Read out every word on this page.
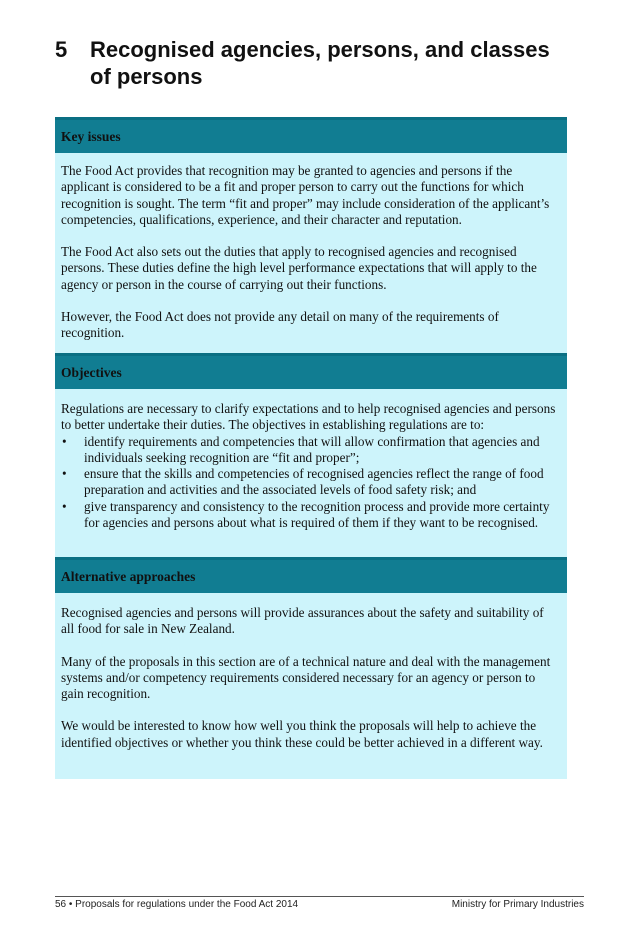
5 Recognised agencies, persons, and classes of persons
Key issues

The Food Act provides that recognition may be granted to agencies and persons if the applicant is considered to be a fit and proper person to carry out the functions for which recognition is sought. The term “fit and proper” may include consideration of the applicant’s competencies, qualifications, experience, and their character and reputation.

The Food Act also sets out the duties that apply to recognised agencies and recognised persons. These duties define the high level performance expectations that will apply to the agency or person in the course of carrying out their functions.

However, the Food Act does not provide any detail on many of the requirements of recognition.

Objectives

Regulations are necessary to clarify expectations and to help recognised agencies and persons to better undertake their duties. The objectives in establishing regulations are to:

• identify requirements and competencies that will allow confirmation that agencies and individuals seeking recognition are “fit and proper”;
• ensure that the skills and competencies of recognised agencies reflect the range of food preparation and activities and the associated levels of food safety risk; and
• give transparency and consistency to the recognition process and provide more certainty for agencies and persons about what is required of them if they want to be recognised.
Alternative approaches

Recognised agencies and persons will provide assurances about the safety and suitability of all food for sale in New Zealand.

Many of the proposals in this section are of a technical nature and deal with the management systems and/or competency requirements considered necessary for an agency or person to gain recognition.

We would be interested to know how well you think the proposals will help to achieve the identified objectives or whether you think these could be better achieved in a different way.

56 • Proposals for regulations under the Food Act 2014	Ministry for Primary Industries
